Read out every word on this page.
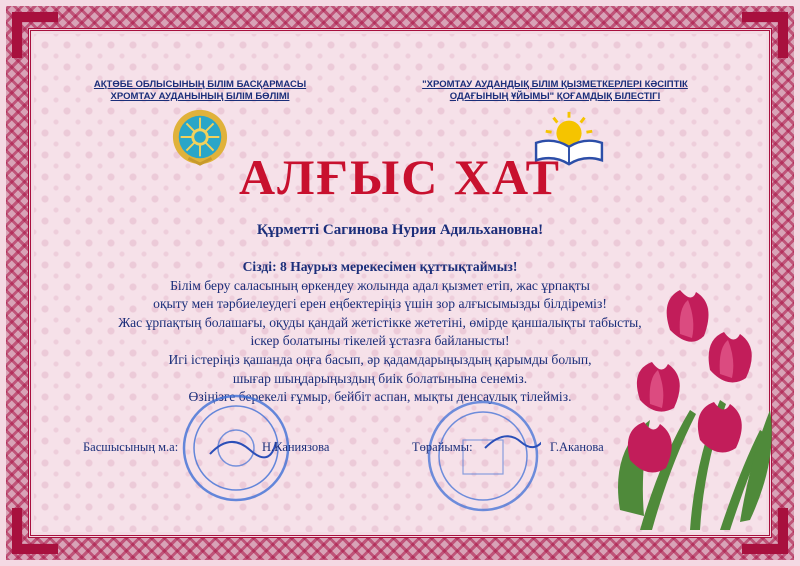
АҚТӨБЕ ОБЛЫСЫНЫҢ БІЛІМ БАСҚАРМАСЫ
ХРОМТАУ АУДАНЫНЫҢ БІЛІМ БӨЛІМІ
"ХРОМТАУ АУДАНДЫҚ БІЛІМ ҚЫЗМЕТКЕРЛЕРІ КӘСІПТІК
ОДАҒЫНЫҢ ҰЙЫМЫ" ҚОҒАМДЫҚ БІЛЕСТІГІ
АЛҒЫС ХАТ
Құрметті Сагинова Нурия Адильхановна!
Сізді: 8 Наурыз мерекесімен құттықтаймыз!
Білім беру саласының өркендеу жолында адал қызмет етіп, жас ұрпақты
оқыту мен тәрбиелеудегі ерен еңбектеріңіз үшін зор алғысымызды білдіреміз!
Жас ұрпақтың болашағы, оқуды қандай жетістікке жететіні, өмірде қаншалықты табысты,
іскер болатыны тікелей ұстазға байланысты!
Игі істеріңіз қашанда оңға басып, әр қадамдарыңыздың қарымды болып,
шығар шыңдарыңыздың биік болатынына сенеміз.
Өзіңізге берекелі ғұмыр, бейбіт аспан, мықты денсаулық тілейміз.
Басшысының м.а:	Н.Каниязова	Төрайымы:	Г.Аканова
